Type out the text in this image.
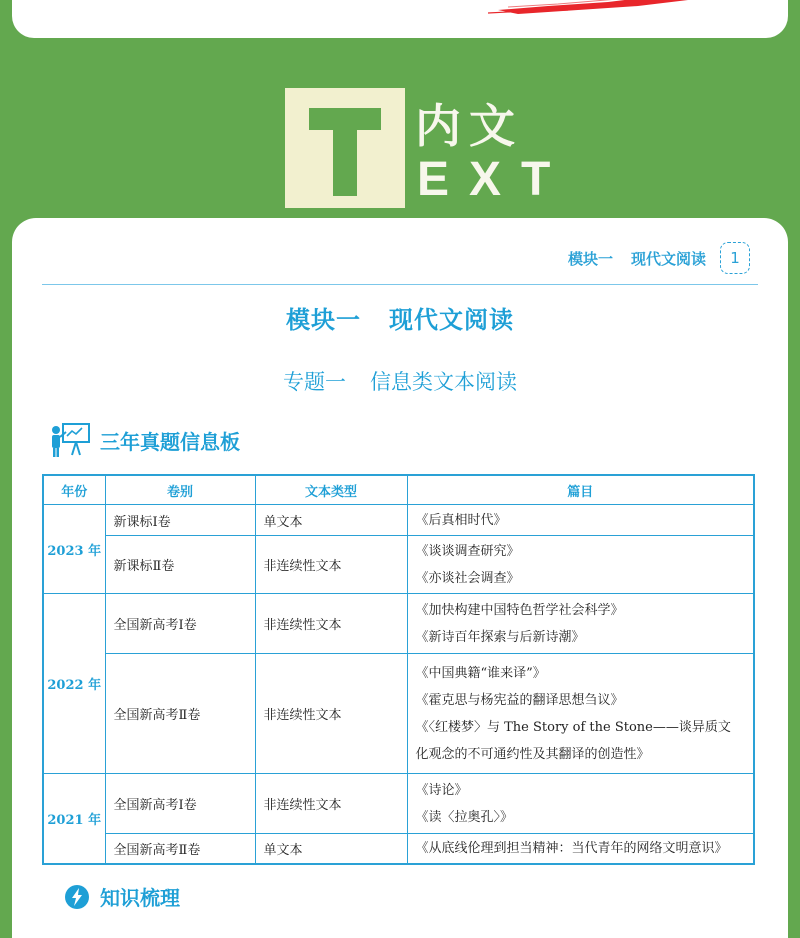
内文
EXT
模块一 现代文阅读	1
模块一 现代文阅读
专题一 信息类文本阅读
三年真题信息板
年份	卷别	文本类型	篇目
2023 年	新课标Ⅰ卷	单文本	《后真相时代》

	新课标Ⅱ卷	非连续性文本	《谈谈调查研究》
《亦谈社会调查》

2022 年	全国新高考Ⅰ卷	非连续性文本	《加快构建中国特色哲学社会科学》
《新诗百年探索与后新诗潮》

	全国新高考Ⅱ卷	非连续性文本	《中国典籍“谁来译”》
《霍克思与杨宪益的翻译思想刍议》
《〈红楼梦〉与 The Story of the Stone——谈异质文
化观念的不可通约性及其翻译的创造性》

2021 年	全国新高考Ⅰ卷	非连续性文本	《诗论》
《读〈拉奥孔〉》

	全国新高考Ⅱ卷	单文本	《从底线伦理到担当精神：当代青年的网络文明意识》
知识梳理
